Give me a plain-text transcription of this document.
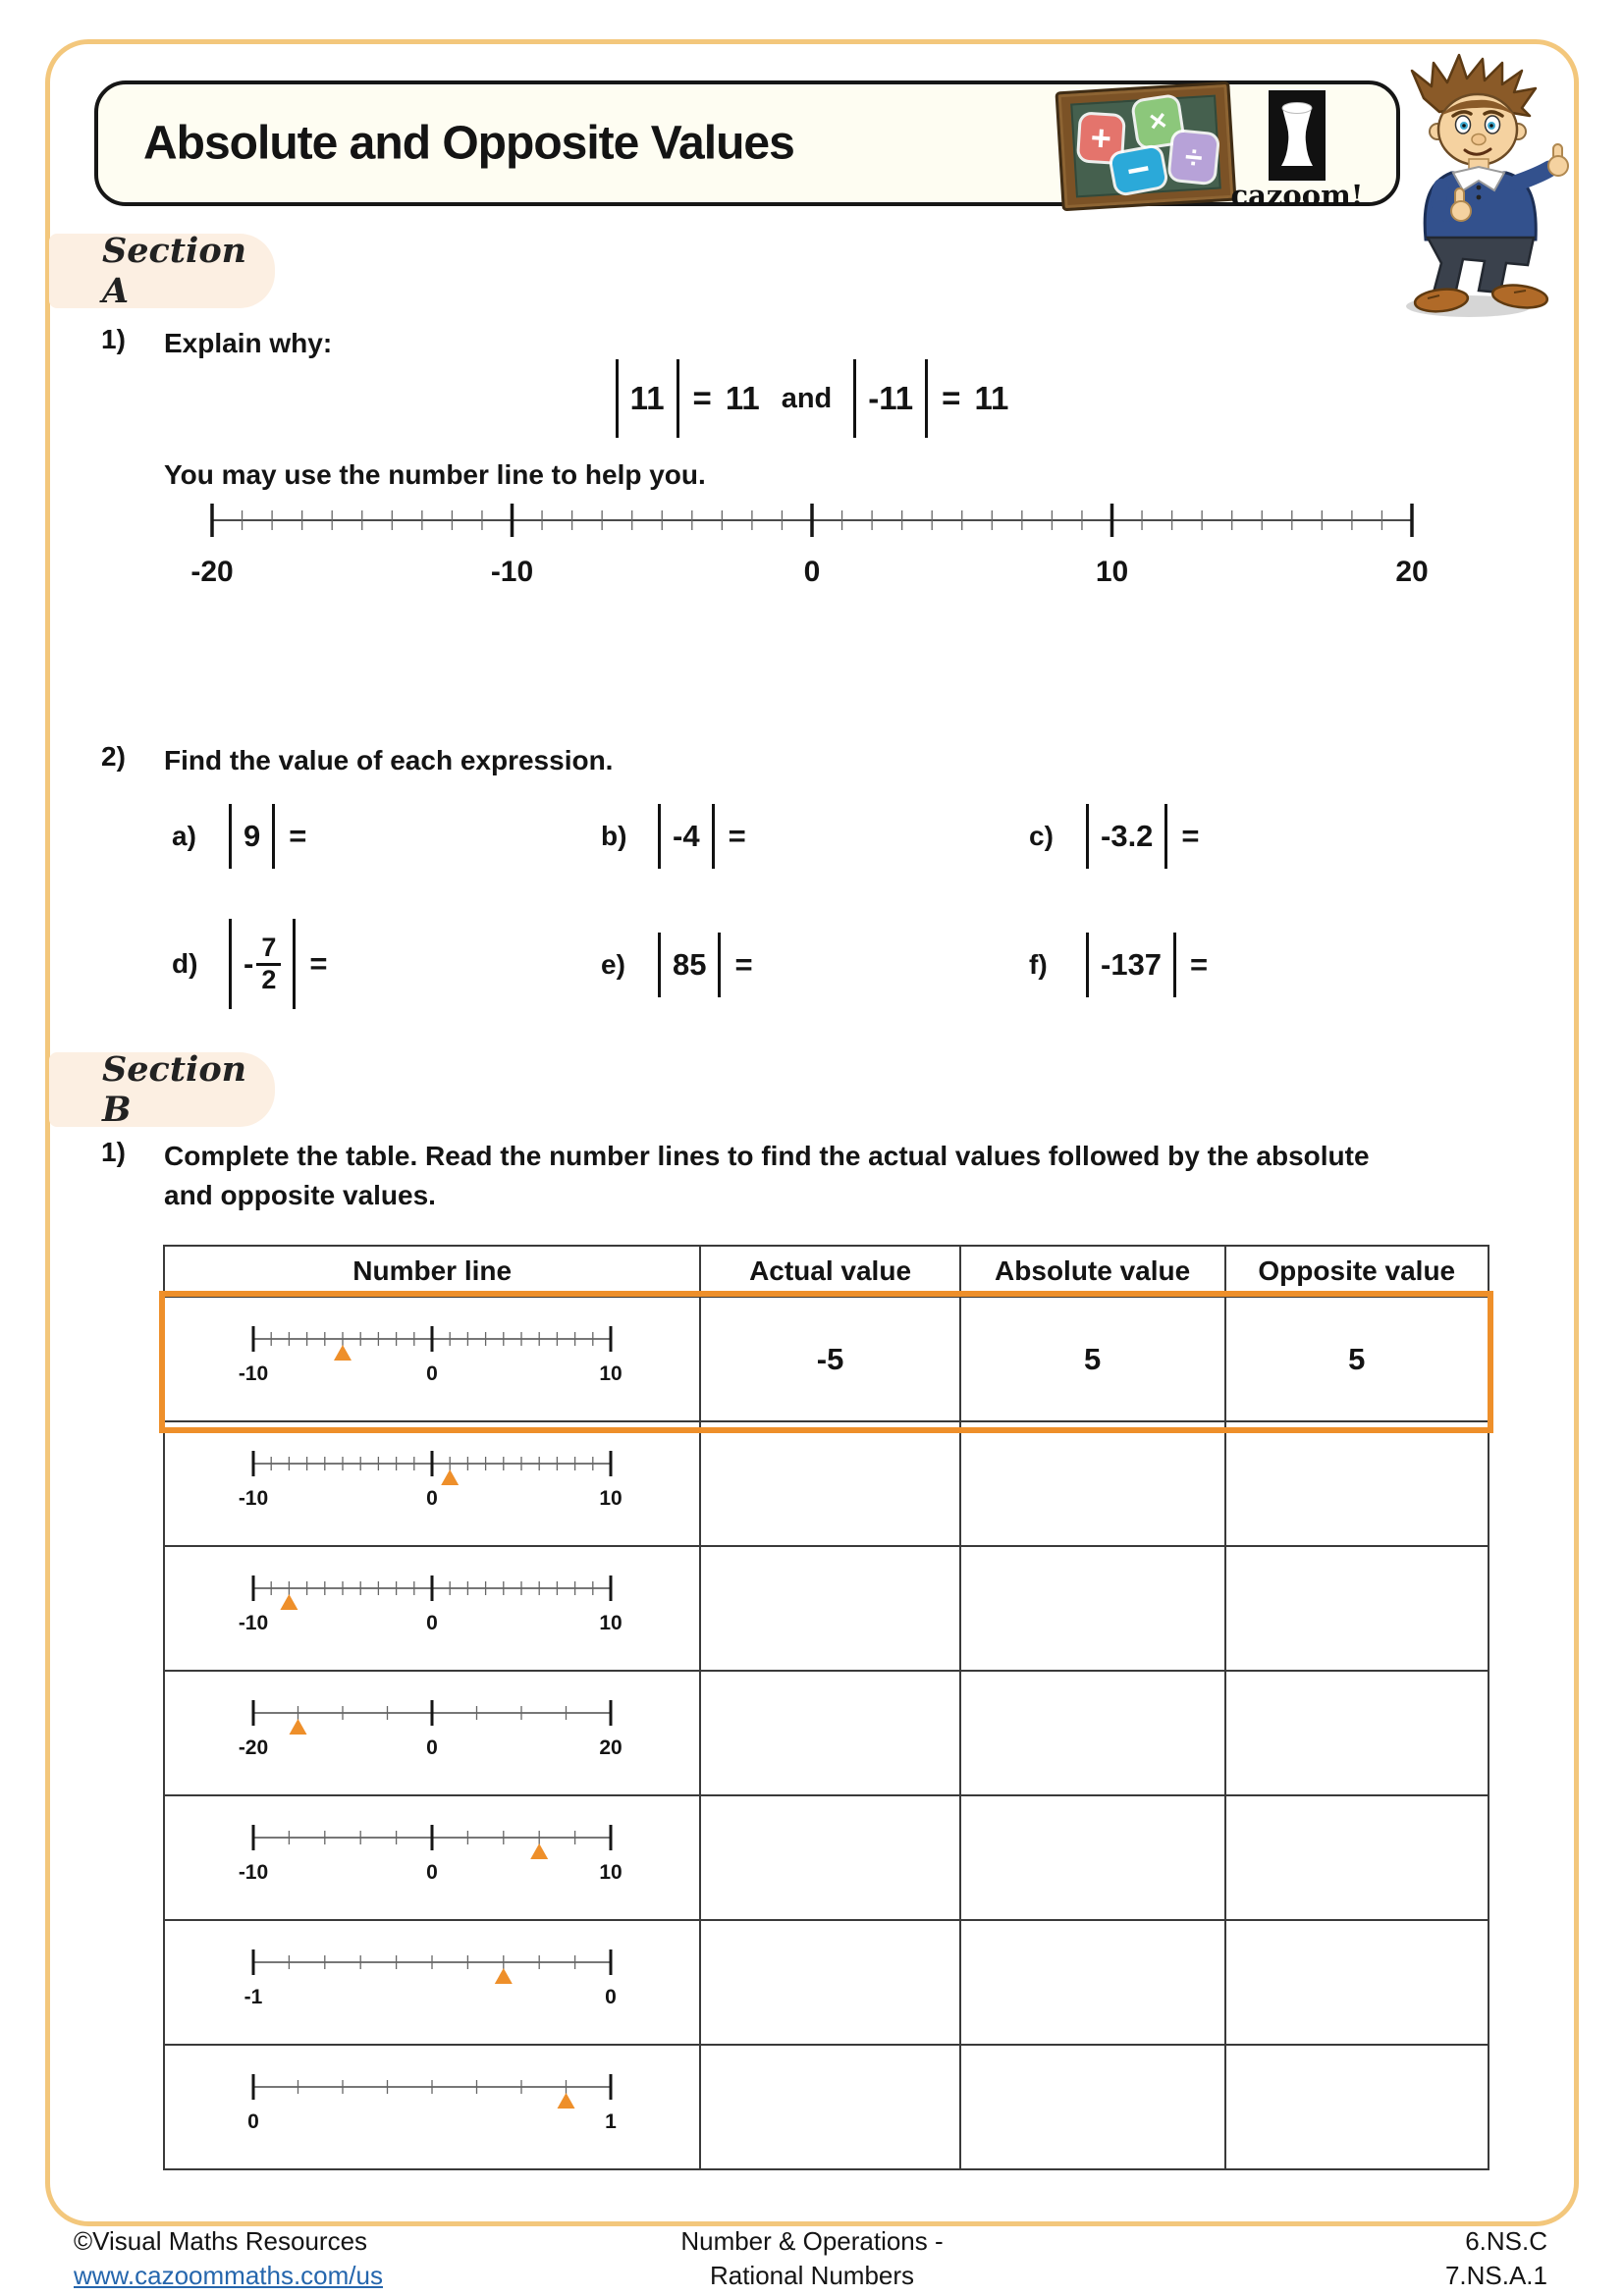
Absolute and Opposite Values	+ ×
− ÷
cazoom!
Section A
1) Explain why:
11 = 11 and -11 = 11
You may use the number line to help you.
-20	-10	0	10	20
2) Find the value of each expression.
a)	9 =	b)	-4 =	c)	-3.2 =
d)	- $\frac{7}{2}$ =	e)	85 =	f)	-137 =
Section B
1) Complete the table. Read the number lines to find the actual values followed by the absolute and opposite values.
Number line	Actual value	Absolute value	Opposite value

-10 0 10	-5	5	5

-10 0 10			

-10 0 10			

-20 0 20			

-10 0 10			

-1 0			

0 1			

©Visual Maths Resources
www.cazoommaths.com/us
Number & Operations -
Rational Numbers
6.NS.C
7.NS.A.1
